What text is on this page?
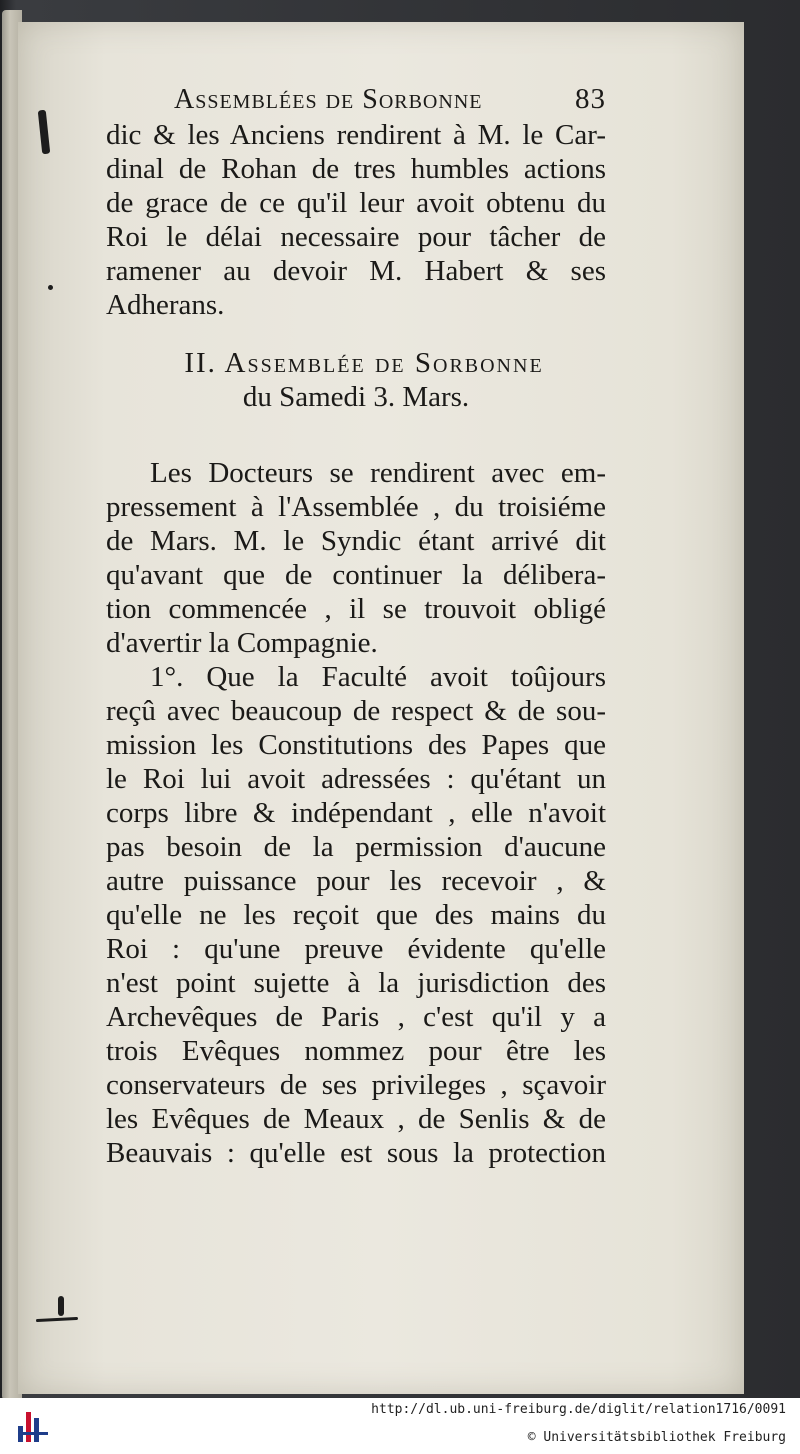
Assemblées de Sorbonne	83
dic & les Anciens rendirent à M. le Car-
dinal de Rohan de tres humbles actions
de grace de ce qu'il leur avoit obtenu du
Roi le délai necessaire pour tâcher de
ramener au devoir M. Habert & ses
Adherans.
II. Assemblée de Sorbonne
du Samedi 3. Mars.
Les Docteurs se rendirent avec em-
pressement à l'Assemblée , du troisiéme
de Mars. M. le Syndic étant arrivé dit
qu'avant que de continuer la délibera-
tion commencée , il se trouvoit obligé
d'avertir la Compagnie.
1°. Que la Faculté avoit toûjours
reçû avec beaucoup de respect & de sou-
mission les Constitutions des Papes que
le Roi lui avoit adressées : qu'étant un
corps libre & indépendant , elle n'avoit
pas besoin de la permission d'aucune
autre puissance pour les recevoir , &
qu'elle ne les reçoit que des mains du
Roi : qu'une preuve évidente qu'elle
n'est point sujette à la jurisdiction des
Archevêques de Paris , c'est qu'il y a
trois Evêques nommez pour être les
conservateurs de ses privileges , sçavoir
les Evêques de Meaux , de Senlis & de
Beauvais : qu'elle est sous la protection
http://dl.ub.uni-freiburg.de/diglit/relation1716/0091
© Universitätsbibliothek Freiburg
